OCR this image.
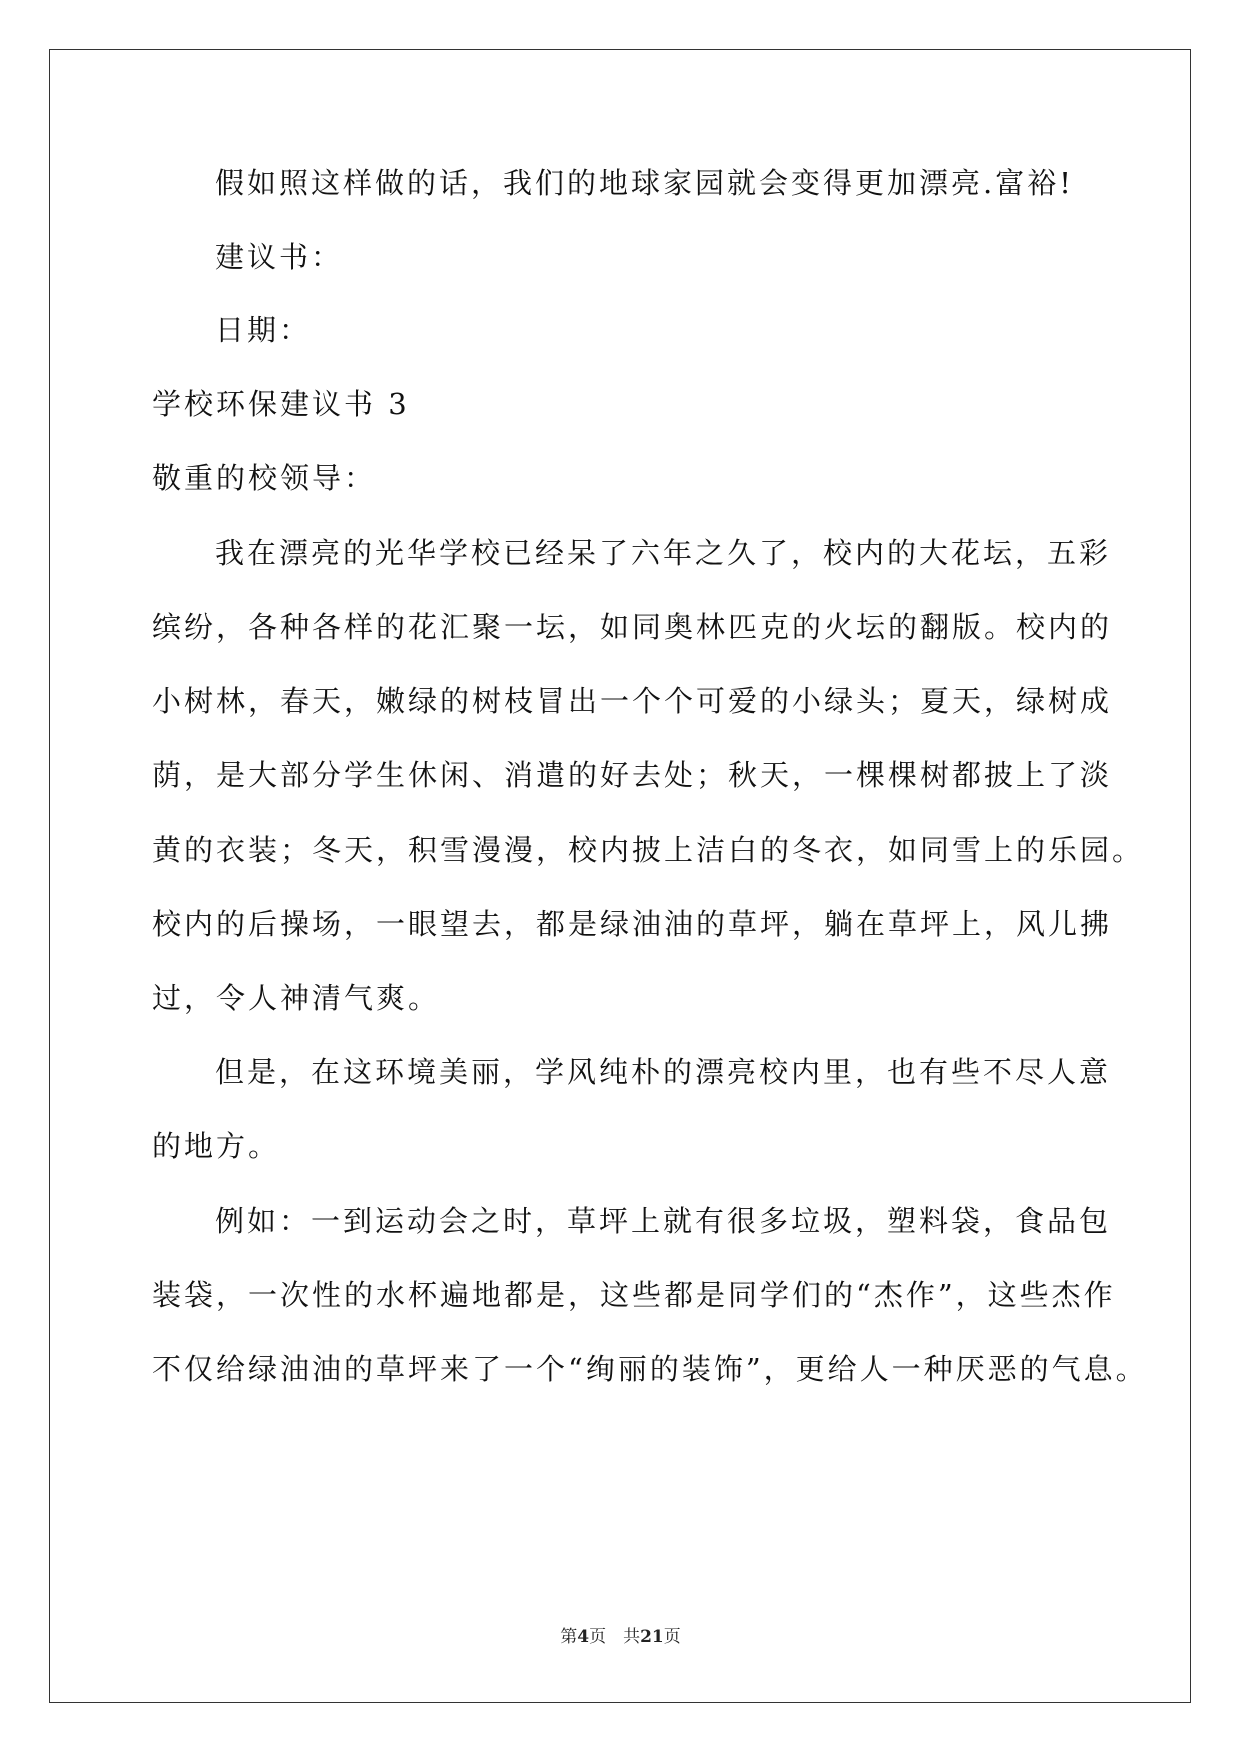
假如照这样做的话，我们的地球家园就会变得更加漂亮.富裕!
建议书：
日期：
学校环保建议书 3
敬重的校领导：
我在漂亮的光华学校已经呆了六年之久了，校内的大花坛，五彩
缤纷，各种各样的花汇聚一坛，如同奥林匹克的火坛的翻版。校内的
小树林，春天，嫩绿的树枝冒出一个个可爱的小绿头；夏天，绿树成
荫，是大部分学生休闲、消遣的好去处；秋天，一棵棵树都披上了淡
黄的衣装；冬天，积雪漫漫，校内披上洁白的冬衣，如同雪上的乐园。
校内的后操场，一眼望去，都是绿油油的草坪，躺在草坪上，风儿拂
过，令人神清气爽。
但是，在这环境美丽，学风纯朴的漂亮校内里，也有些不尽人意
的地方。
例如：一到运动会之时，草坪上就有很多垃圾，塑料袋，食品包
装袋，一次性的水杯遍地都是，这些都是同学们的“杰作”，这些杰作
不仅给绿油油的草坪来了一个“绚丽的装饰”，更给人一种厌恶的气息。
第4页　共21页
